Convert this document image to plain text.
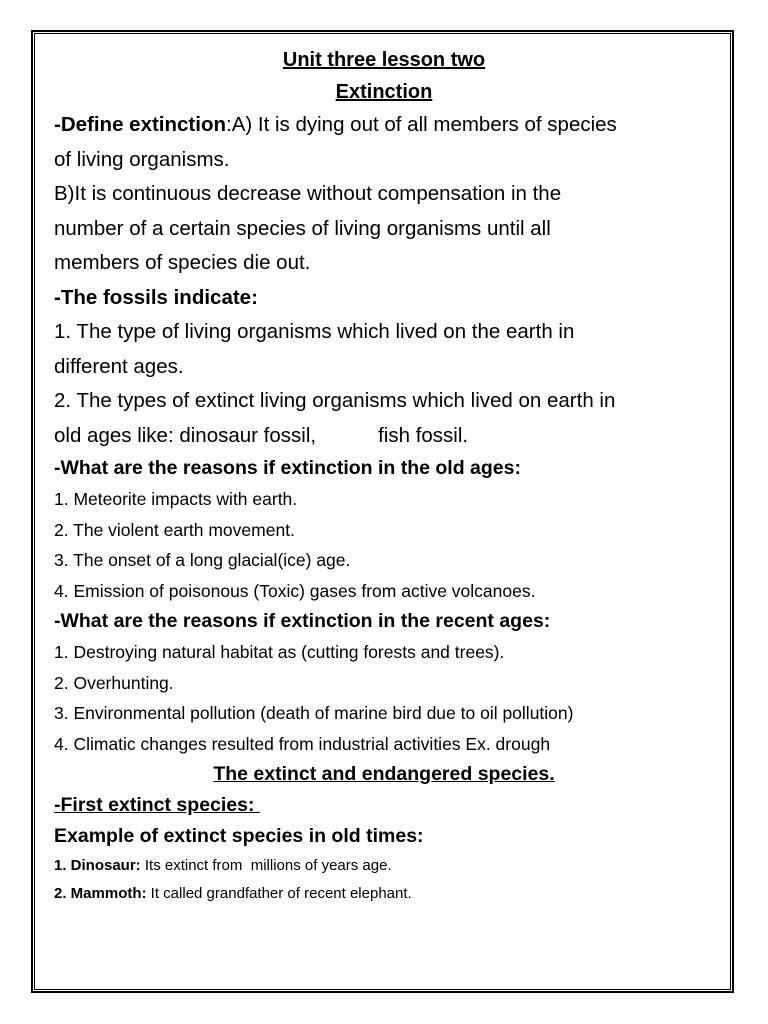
Unit three lesson two
Extinction
-Define extinction:A) It is dying out of all members of species
of living organisms.
B)It is continuous decrease without compensation in the
number of a certain species of living organisms until all
members of species die out.
-The fossils indicate:
1. The type of living organisms which lived on the earth in
different ages.
2. The types of extinct living organisms which lived on earth in
old ages like: dinosaur fossil,	fish fossil.
-What are the reasons if extinction in the old ages:
1. Meteorite impacts with earth.
2. The violent earth movement.
3. The onset of a long glacial(ice) age.
4. Emission of poisonous (Toxic) gases from active volcanoes.
-What are the reasons if extinction in the recent ages:
1. Destroying natural habitat as (cutting forests and trees).
2. Overhunting.
3. Environmental pollution (death of marine bird due to oil pollution)
4. Climatic changes resulted from industrial activities Ex. drough
The extinct and endangered species.
-First extinct species:
Example of extinct species in old times:
1. Dinosaur: Its extinct from  millions of years age.
2. Mammoth: It called grandfather of recent elephant.
